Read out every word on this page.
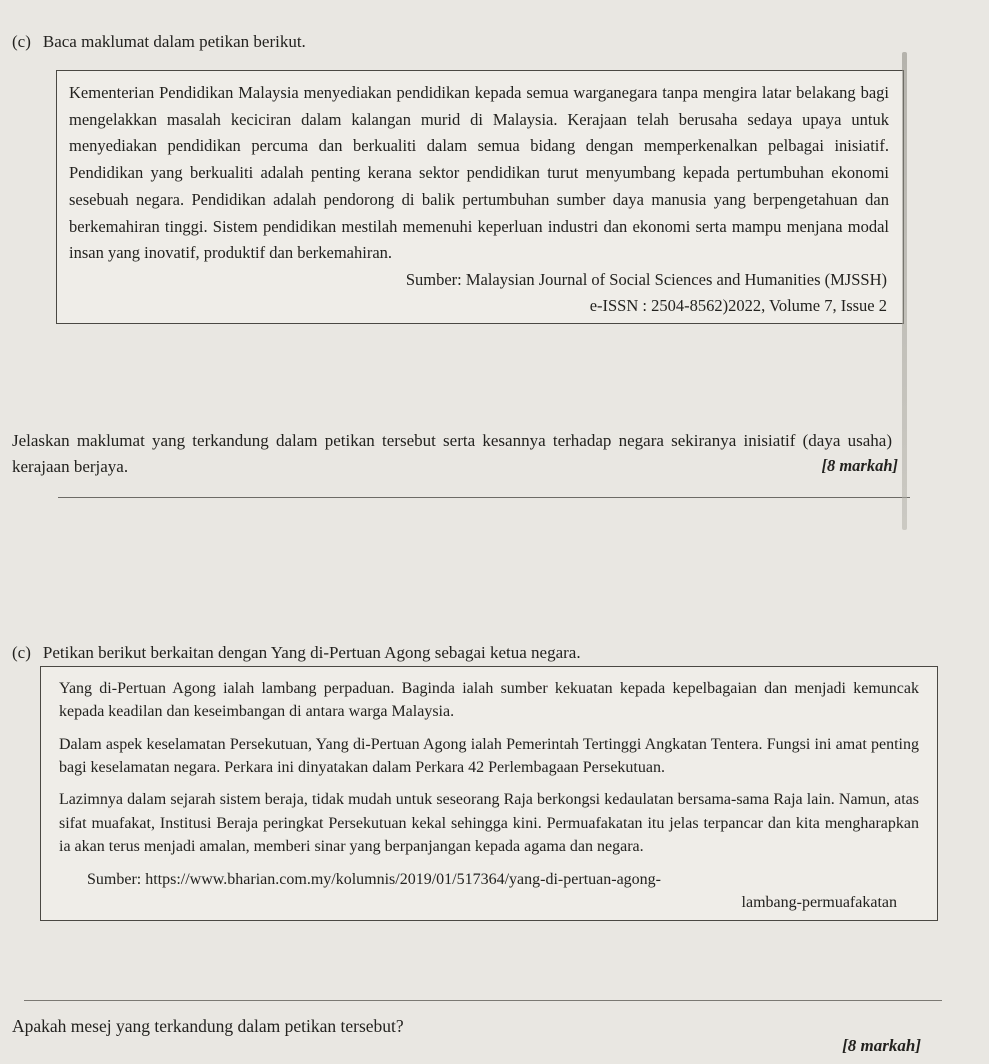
(c) Baca maklumat dalam petikan berikut.

Kementerian Pendidikan Malaysia menyediakan pendidikan kepada semua warganegara tanpa mengira latar belakang bagi mengelakkan masalah keciciran dalam kalangan murid di Malaysia. Kerajaan telah berusaha sedaya upaya untuk menyediakan pendidikan percuma dan berkualiti dalam semua bidang dengan memperkenalkan pelbagai inisiatif. Pendidikan yang berkualiti adalah penting kerana sektor pendidikan turut menyumbang kepada pertumbuhan ekonomi sesebuah negara. Pendidikan adalah pendorong di balik pertumbuhan sumber daya manusia yang berpengetahuan dan berkemahiran tinggi. Sistem pendidikan mestilah memenuhi keperluan industri dan ekonomi serta mampu menjana modal insan yang inovatif, produktif dan berkemahiran.

Sumber: Malaysian Journal of Social Sciences and Humanities (MJSSH)
e-ISSN : 2504-8562)2022, Volume 7, Issue 2
Jelaskan maklumat yang terkandung dalam petikan tersebut serta kesannya terhadap negara sekiranya inisiatif (daya usaha) kerajaan berjaya.	[8 markah]
(c) Petikan berikut berkaitan dengan Yang di-Pertuan Agong sebagai ketua negara.

Yang di-Pertuan Agong ialah lambang perpaduan. Baginda ialah sumber kekuatan kepada kepelbagaian dan menjadi kemuncak kepada keadilan dan keseimbangan di antara warga Malaysia.

Dalam aspek keselamatan Persekutuan, Yang di-Pertuan Agong ialah Pemerintah Tertinggi Angkatan Tentera. Fungsi ini amat penting bagi keselamatan negara. Perkara ini dinyatakan dalam Perkara 42 Perlembagaan Persekutuan.

Lazimnya dalam sejarah sistem beraja, tidak mudah untuk seseorang Raja berkongsi kedaulatan bersama-sama Raja lain. Namun, atas sifat muafakat, Institusi Beraja peringkat Persekutuan kekal sehingga kini. Permuafakatan itu jelas terpancar dan kita mengharapkan ia akan terus menjadi amalan, memberi sinar yang berpanjangan kepada agama dan negara.

Sumber: https://www.bharian.com.my/kolumnis/2019/01/517364/yang-di-pertuan-agong-
lambang-permuafakatan
Apakah mesej yang terkandung dalam petikan tersebut?
[8 markah]
